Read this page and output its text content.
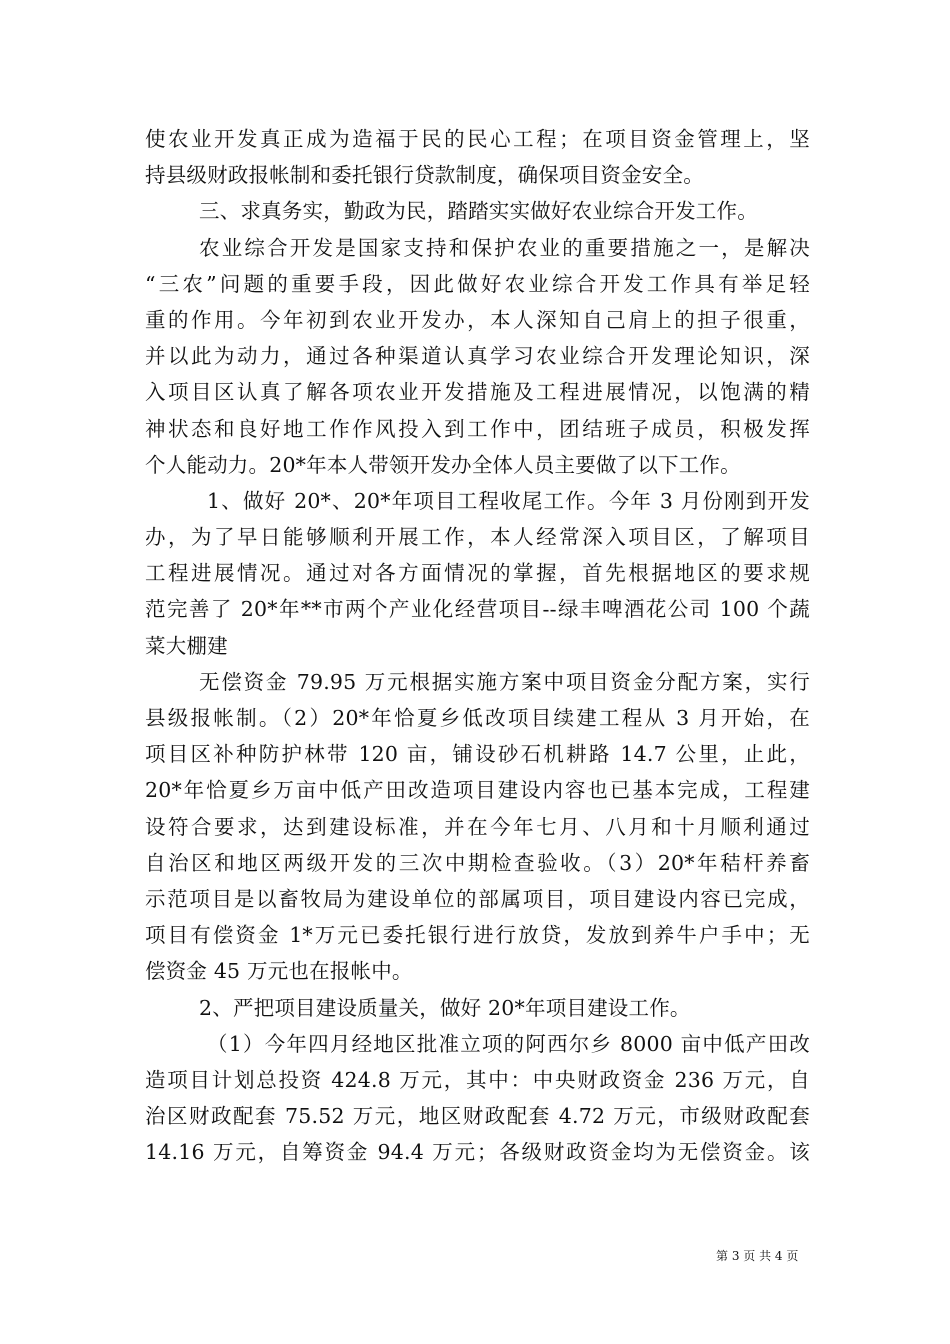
使农业开发真正成为造福于民的民心工程；在项目资金管理上，坚
持县级财政报帐制和委托银行贷款制度，确保项目资金安全。
三、求真务实，勤政为民，踏踏实实做好农业综合开发工作。
农业综合开发是国家支持和保护农业的重要措施之一，是解决
“三农”问题的重要手段，因此做好农业综合开发工作具有举足轻
重的作用。今年初到农业开发办，本人深知自己肩上的担子很重，
并以此为动力，通过各种渠道认真学习农业综合开发理论知识，深
入项目区认真了解各项农业开发措施及工程进展情况，以饱满的精
神状态和良好地工作作风投入到工作中，团结班子成员，积极发挥
个人能动力。20*年本人带领开发办全体人员主要做了以下工作。
1、做好 20*、20*年项目工程收尾工作。今年 3 月份刚到开发
办，为了早日能够顺利开展工作，本人经常深入项目区，了解项目
工程进展情况。通过对各方面情况的掌握，首先根据地区的要求规
范完善了 20*年**市两个产业化经营项目--绿丰啤酒花公司 100 个蔬
菜大棚建
无偿资金 79.95 万元根据实施方案中项目资金分配方案，实行
县级报帐制。（2）20*年恰夏乡低改项目续建工程从 3 月开始，在
项目区补种防护林带 120 亩，铺设砂石机耕路 14.7 公里，止此，
20*年恰夏乡万亩中低产田改造项目建设内容也已基本完成，工程建
设符合要求，达到建设标准，并在今年七月、八月和十月顺利通过
自治区和地区两级开发的三次中期检查验收。（3）20*年秸杆养畜
示范项目是以畜牧局为建设单位的部属项目，项目建设内容已完成，
项目有偿资金 1*万元已委托银行进行放贷，发放到养牛户手中；无
偿资金 45 万元也在报帐中。
2、严把项目建设质量关，做好 20*年项目建设工作。
（1）今年四月经地区批准立项的阿西尔乡 8000 亩中低产田改
造项目计划总投资 424.8 万元，其中：中央财政资金 236 万元，自
治区财政配套 75.52 万元，地区财政配套 4.72 万元，市级财政配套
14.16 万元，自筹资金 94.4 万元；各级财政资金均为无偿资金。该
第 3 页 共 4 页
